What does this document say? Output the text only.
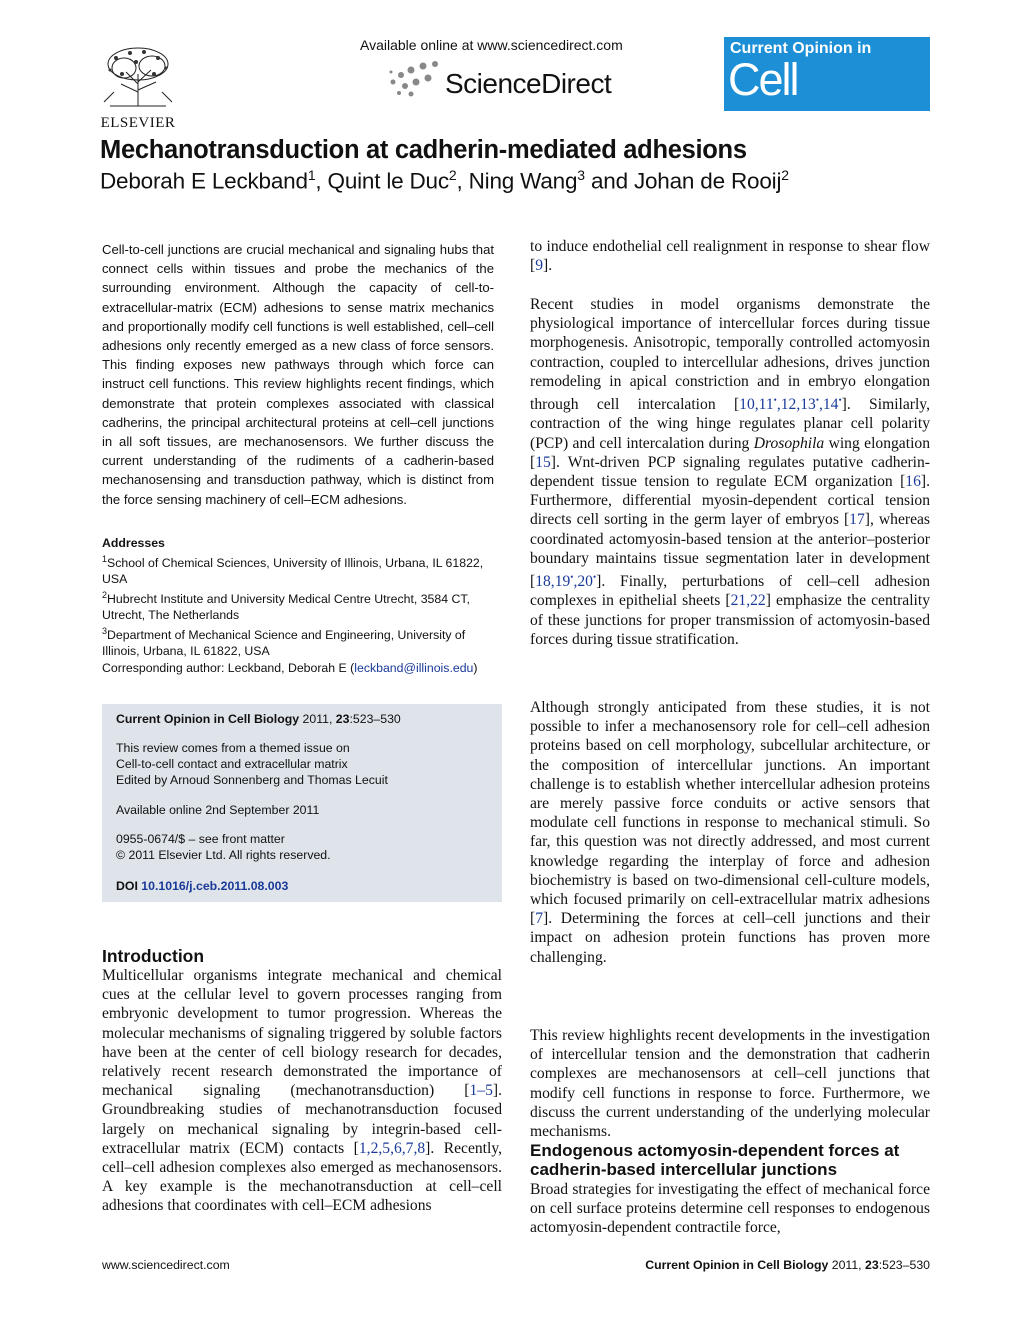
ELSEVIER
Available online at www.sciencedirect.com
ScienceDirect
Current Opinion in
Cell Biology
Mechanotransduction at cadherin-mediated adhesions
Deborah E Leckband$^1$, Quint le Duc$^2$, Ning Wang$^3$ and Johan de Rooij$^2$
Cell-to-cell junctions are crucial mechanical and signaling hubs that connect cells within tissues and probe the mechanics of the surrounding environment. Although the capacity of cell-to-extracellular-matrix (ECM) adhesions to sense matrix mechanics and proportionally modify cell functions is well established, cell–cell adhesions only recently emerged as a new class of force sensors. This finding exposes new pathways through which force can instruct cell functions. This review highlights recent findings, which demonstrate that protein complexes associated with classical cadherins, the principal architectural proteins at cell–cell junctions in all soft tissues, are mechanosensors. We further discuss the current understanding of the rudiments of a cadherin-based mechanosensing and transduction pathway, which is distinct from the force sensing machinery of cell–ECM adhesions.
Addresses
$^1$School of Chemical Sciences, University of Illinois, Urbana, IL 61822, USA
$^2$Hubrecht Institute and University Medical Centre Utrecht, 3584 CT, Utrecht, The Netherlands
$^3$Department of Mechanical Science and Engineering, University of Illinois, Urbana, IL 61822, USA
Corresponding author: Leckband, Deborah E (leckband@illinois.edu)
Current Opinion in Cell Biology 2011, 23:523–530
This review comes from a themed issue on
Cell-to-cell contact and extracellular matrix
Edited by Arnoud Sonnenberg and Thomas Lecuit
Available online 2nd September 2011
0955-0674/$ – see front matter
© 2011 Elsevier Ltd. All rights reserved.
DOI 10.1016/j.ceb.2011.08.003
Introduction
Multicellular organisms integrate mechanical and chemical cues at the cellular level to govern processes ranging from embryonic development to tumor progression. Whereas the molecular mechanisms of signaling triggered by soluble factors have been at the center of cell biology research for decades, relatively recent research demonstrated the importance of mechanical signaling (mechanotransduction) [1–5]. Groundbreaking studies of mechanotransduction focused largely on mechanical signaling by integrin-based cell-extracellular matrix (ECM) contacts [1,2,5,6,7,8]. Recently, cell–cell adhesion complexes also emerged as mechanosensors. A key example is the mechanotransduction at cell–cell adhesions that coordinates with cell–ECM adhesions
to induce endothelial cell realignment in response to shear flow [9].
Recent studies in model organisms demonstrate the physiological importance of intercellular forces during tissue morphogenesis. Anisotropic, temporally controlled actomyosin contraction, coupled to intercellular adhesions, drives junction remodeling in apical constriction and in embryo elongation through cell intercalation [10,11•,12,13•,14•]. Similarly, contraction of the wing hinge regulates planar cell polarity (PCP) and cell intercalation during Drosophila wing elongation [15]. Wnt-driven PCP signaling regulates putative cadherin-dependent tissue tension to regulate ECM organization [16]. Furthermore, differential myosin-dependent cortical tension directs cell sorting in the germ layer of embryos [17], whereas coordinated actomyosin-based tension at the anterior–posterior boundary maintains tissue segmentation later in development [18,19•,20•]. Finally, perturbations of cell–cell adhesion complexes in epithelial sheets [21,22] emphasize the centrality of these junctions for proper transmission of actomyosin-based forces during tissue stratification.
Although strongly anticipated from these studies, it is not possible to infer a mechanosensory role for cell–cell adhesion proteins based on cell morphology, subcellular architecture, or the composition of intercellular junctions. An important challenge is to establish whether intercellular adhesion proteins are merely passive force conduits or active sensors that modulate cell functions in response to mechanical stimuli. So far, this question was not directly addressed, and most current knowledge regarding the interplay of force and adhesion biochemistry is based on two-dimensional cell-culture models, which focused primarily on cell-extracellular matrix adhesions [7]. Determining the forces at cell–cell junctions and their impact on adhesion protein functions has proven more challenging.
This review highlights recent developments in the investigation of intercellular tension and the demonstration that cadherin complexes are mechanosensors at cell–cell junctions that modify cell functions in response to force. Furthermore, we discuss the current understanding of the underlying molecular mechanisms.
Endogenous actomyosin-dependent forces at cadherin-based intercellular junctions
Broad strategies for investigating the effect of mechanical force on cell surface proteins determine cell responses to endogenous actomyosin-dependent contractile force,
www.sciencedirect.com	Current Opinion in Cell Biology 2011, 23:523–530
